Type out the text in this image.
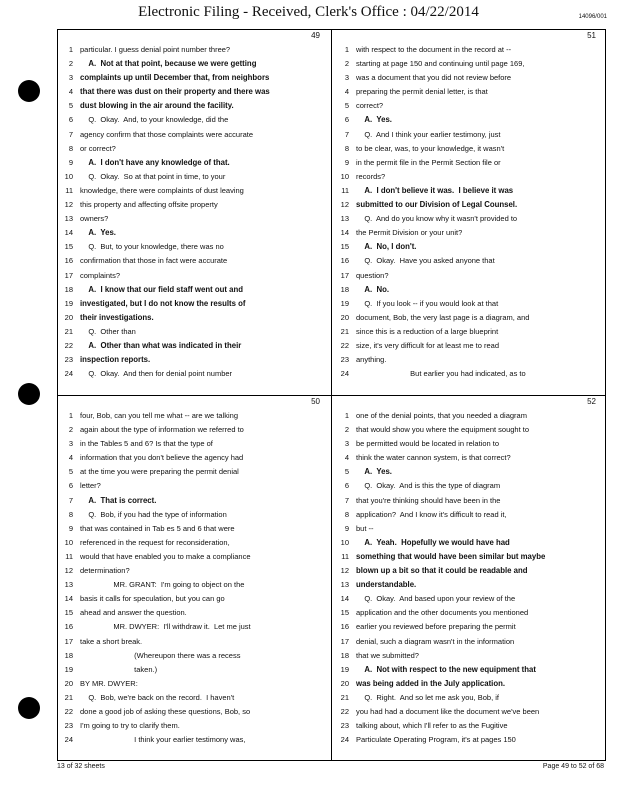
Electronic Filing - Received, Clerk's Office : 04/22/2014	14096/001
49
1 particular. I guess denial point number three?
2 A.  Not at that point, because we were getting
3 complaints up until December that, from neighbors
4 that there was dust on their property and there was
5 dust blowing in the air around the facility.
6 Q.  Okay.  And, to your knowledge, did the
7 agency confirm that those complaints were accurate
8 or correct?
9 A.  I don't have any knowledge of that.
10 Q.  Okay.  So at that point in time, to your
11 knowledge, there were complaints of dust leaving
12 this property and affecting offsite property
13 owners?
14 A.  Yes.
15 Q.  But, to your knowledge, there was no
16 confirmation that those in fact were accurate
17 complaints?
18 A.  I know that our field staff went out and
19 investigated, but I do not know the results of
20 their investigations.
21 Q.  Other than
22 A.  Other than what was indicated in their
23 inspection reports.
24 Q.  Okay.  And then for denial point number
51
1 with respect to the document in the record at --
2 starting at page 150 and continuing until page 169,
3 was a document that you did not review before
4 preparing the permit denial letter, is that
5 correct?
6 A.  Yes.
7 Q.  And I think your earlier testimony, just
8 to be clear, was, to your knowledge, it wasn't
9 in the permit file in the Permit Section file or
10 records?
11 A.  I don't believe it was.  I believe it was
12 submitted to our Division of Legal Counsel.
13 Q.  And do you know why it wasn't provided to
14 the Permit Division or your unit?
15 A.  No, I don't.
16 Q.  Okay.  Have you asked anyone that
17 question?
18 A.  No.
19 Q.  If you look -- if you would look at that
20 document, Bob, the very last page is a diagram, and
21 since this is a reduction of a large blueprint
22 size, it's very difficult for at least me to read
23 anything.
24 But earlier you had indicated, as to
50
1 four, Bob, can you tell me what -- are we talking
2 again about the type of information we referred to
3 in the Tables 5 and 6? Is that the type of
4 information that you don't believe the agency had
5 at the time you were preparing the permit denial
6 letter?
7 A.  That is correct.
8 Q.  Bob, if you had the type of information
9 that was contained in Tab es 5 and 6 that were
10 referenced in the request for reconsideration,
11 would that have enabled you to make a compliance
12 determination?
13 MR. GRANT:  I'm going to object on the
14 basis it calls for speculation, but you can go
15 ahead and answer the question.
16 MR. DWYER:  I'll withdraw it.  Let me just
17 take a short break.
18 (Whereupon there was a recess
19 taken.)
20 BY MR. DWYER:
21 Q.  Bob, we're back on the record.  I haven't
22 done a good job of asking these questions, Bob, so
23 I'm going to try to clarify them.
24 I think your earlier testimony was,
52
1 one of the denial points, that you needed a diagram
2 that would show you where the equipment sought to
3 be permitted would be located in relation to
4 think the water cannon system, is that correct?
5 A.  Yes.
6 Q.  Okay.  And is this the type of diagram
7 that you're thinking should have been in the
8 application?  And I know it's difficult to read it,
9 but --
10 A.  Yeah.  Hopefully we would have had
11 something that would have been similar but maybe
12 blown up a bit so that it could be readable and
13 understandable.
14 Q.  Okay.  And based upon your review of the
15 application and the other documents you mentioned
16 earlier you reviewed before preparing the permit
17 denial, such a diagram wasn't in the information
18 that we submitted?
19 A.  Not with respect to the new equipment that
20 was being added in the July application.
21 Q.  Right.  And so let me ask you, Bob, if
22 you had had a document like the document we've been
23 talking about, which I'll refer to as the Fugitive
24 Particulate Operating Program, it's at pages 150
13 of 32 sheets	Page 49 to 52 of 68
